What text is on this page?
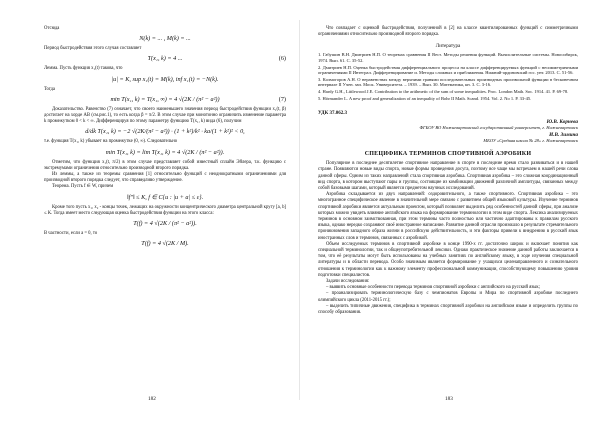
Отсюда

N(k) = ... , M(k) = ...

Период быстродействия этого случая составляет

T(x₁, k) = 4 ...	(6)

Лемма. Пусть функция x₁(t) такова, что

|u| = K, sup x₁(t) = M(k), inf x₁(t) = −N(k).

Тогда

min T(x₁, k) = T(x₁, ∞) = 4 √(2K / (π² − a²))	(7)

Доказательство. Равенство (7) означает, что своего наименьшего значения период быстродействия функции x₁(t, β) достигает на хорде AB (см.рис.1), то есть когда β = π/2. В этом случае при монотонно ограничить изменение параметра k промежутком 0 < k < ∞. Дифференцируя по этому параметру функцию T(x₁, k) вида (6), получим

d/dk T(x₁, k) = −2 √(2K/(π² − a²)) · (1 + k²)/k² · ka/(1 + k²)² < 0,

т.е. функция T(x₁, k) убывает на промежутке (0, ∞). Следовательно

min T(x₁, k) = lim T(x₁, k) = 4 √(2K / (π² − a²)).

Отметим, что функция x₁(t, π/2) в этом случае представляет собой известный сплайн Эйлера, т.к. функцию с экстремумами ограничения относительно производной второго порядка.

Из леммы, а также из теоремы сравнения [1] относительно функций с неоднократными ограничениями для производной второго порядка следует, что справедливо утверждение.

Теорема. Пусть f ∈ W, причем

‖f″‖ ≤ K, f ∈ C{u : |u + a| ≤ ε}.

Кроме того пусть x₁, x₂ - концы точек, лежащих на окружности концентрического диаметра центральной кругу [a, b] ≤ K. Тогда имеет место следующая оценка быстродействия функции на этого класса:

T(f) = 4 √(2K / (π² − a²)).

В частности, если a = 0, то

T(f) = 4 √(2K / M).
182

Что совпадает с оценкой быстродействия, полученной в [2] на классе квантилированных функций с симметричными ограничениями относительно производной второго порядка.

Литература

1. Габушин В.Н. Дмитриев Н.П. О теоремах сравнения II Вест. Методы решения функций. Вычислительные системы. Новосибирск, 1974. Вып. 61. С. 35-52.

2. Дмитриев Н.П. Оценка быстродействия дифференциального процесса на классе дифференцируемых функций с несимметричными ограничениями II Интеграл. Дифференцирование и. Методы сложных и приближения. Нижний-ардиновский гос. унт. 2013. С. 51-56.

3. Колмогоров А.Н. О неравенствах между верхними гранями последовательных производных произвольной функции в бесконечном интервале II Учен. зап. Моск. Университета. – 1939. – Вып. 30. Математика, кн. 3. С. 3-16.

4. Hardy G.H., Littlewood J.E. Contribution to the arithmetic of the sum of some inequalities. Proc. London Math. Soc. 1914. 41. P. 69-78.

5. Hörmander L. A new proof and generalization of an inequality of Bohr II Math. Scand. 1954. Vol. 2. No 1. P. 33-45.

УДК 37.062.3
Ю.В. Корнева
ФГБОУ ВО Нижневартовский государственный университет, г. Нижневартовск
И.В. Зимина
МБОУ «Средняя школа № 28» г. Нижневартовск
СПЕЦИФИКА ТЕРМИНОВ СПОРТИВНОЙ АЭРОБИКИ

Популярное в последнее десятилетие спортивное направление в спорте в последние время стало развиваться и в нашей стране. Появляются новые виды спорта, новые формы проведения досуга, поэтому все чаще мы встречаем в нашей речи слова данной сферы. Одним из таких направлений стала спортивная аэробика. Спортивная аэробика – это сложная координационный вид спорта, в котором выступают пары и группы, состоящие из комбинации движений различной амплитуды, связанных между собой базовыми шагами, который является предметом научных исследований.

Аэробика складывается из двух направлений: оздоровительного, а также спортивного. Спортивная аэробика – это многогранное специфическое явление в значительной мере связано с развитием общей языковой культуры. Изучение терминов спортивной аэробики является актуальным проектом, который позволяет выделить ряд особенностей данной сферы, при анализе которых можно увидеть влияние английского языка на формирование терминологии в этом виде спорта. Лексика анализируемых терминов в основном заимствованная, при этом термины часто полностью или частично адаптированы к правилам русского языка, однако нередко сохраняют своё иностранное написание. Развитие данной отрасли произошло в результате стремительного проникновения западного образа жизни в российскую действительность, и эти факторы привели к внедрению в русский язык иностранных слов и терминов, связанных с аэробикой.

Объем исследуемых терминов в спортивной аэробике в конце 1990-х гг. достаточно широк и включает понятия как специальной терминологии, так и общеупотребительной лексики. Однако практическое значение данной работы заключается в том, что её результаты могут быть использованы на учебных занятиях по английскому языку, в ходе изучения специальной литературы и в области перевода. Особо значимым является формирование у учащихся целенаправленного и сознательного отношения к терминологии как к важному элементу профессиональной коммуникации, способствующему повышению уровня подготовки специалистов.

Задачи исследования:

– выявить основные особенности перевода терминов спортивной аэробики с английского на русский язык;

– проанализировать терминологическую базу с чемпионатов Европы и Мира по спортивной аэробике последнего олимпийского цикла (2011-2015 гг.);

– выделить типичные движения, специфика в терминах спортивной аэробики на английском языке и определить группы по способу образования.

183
